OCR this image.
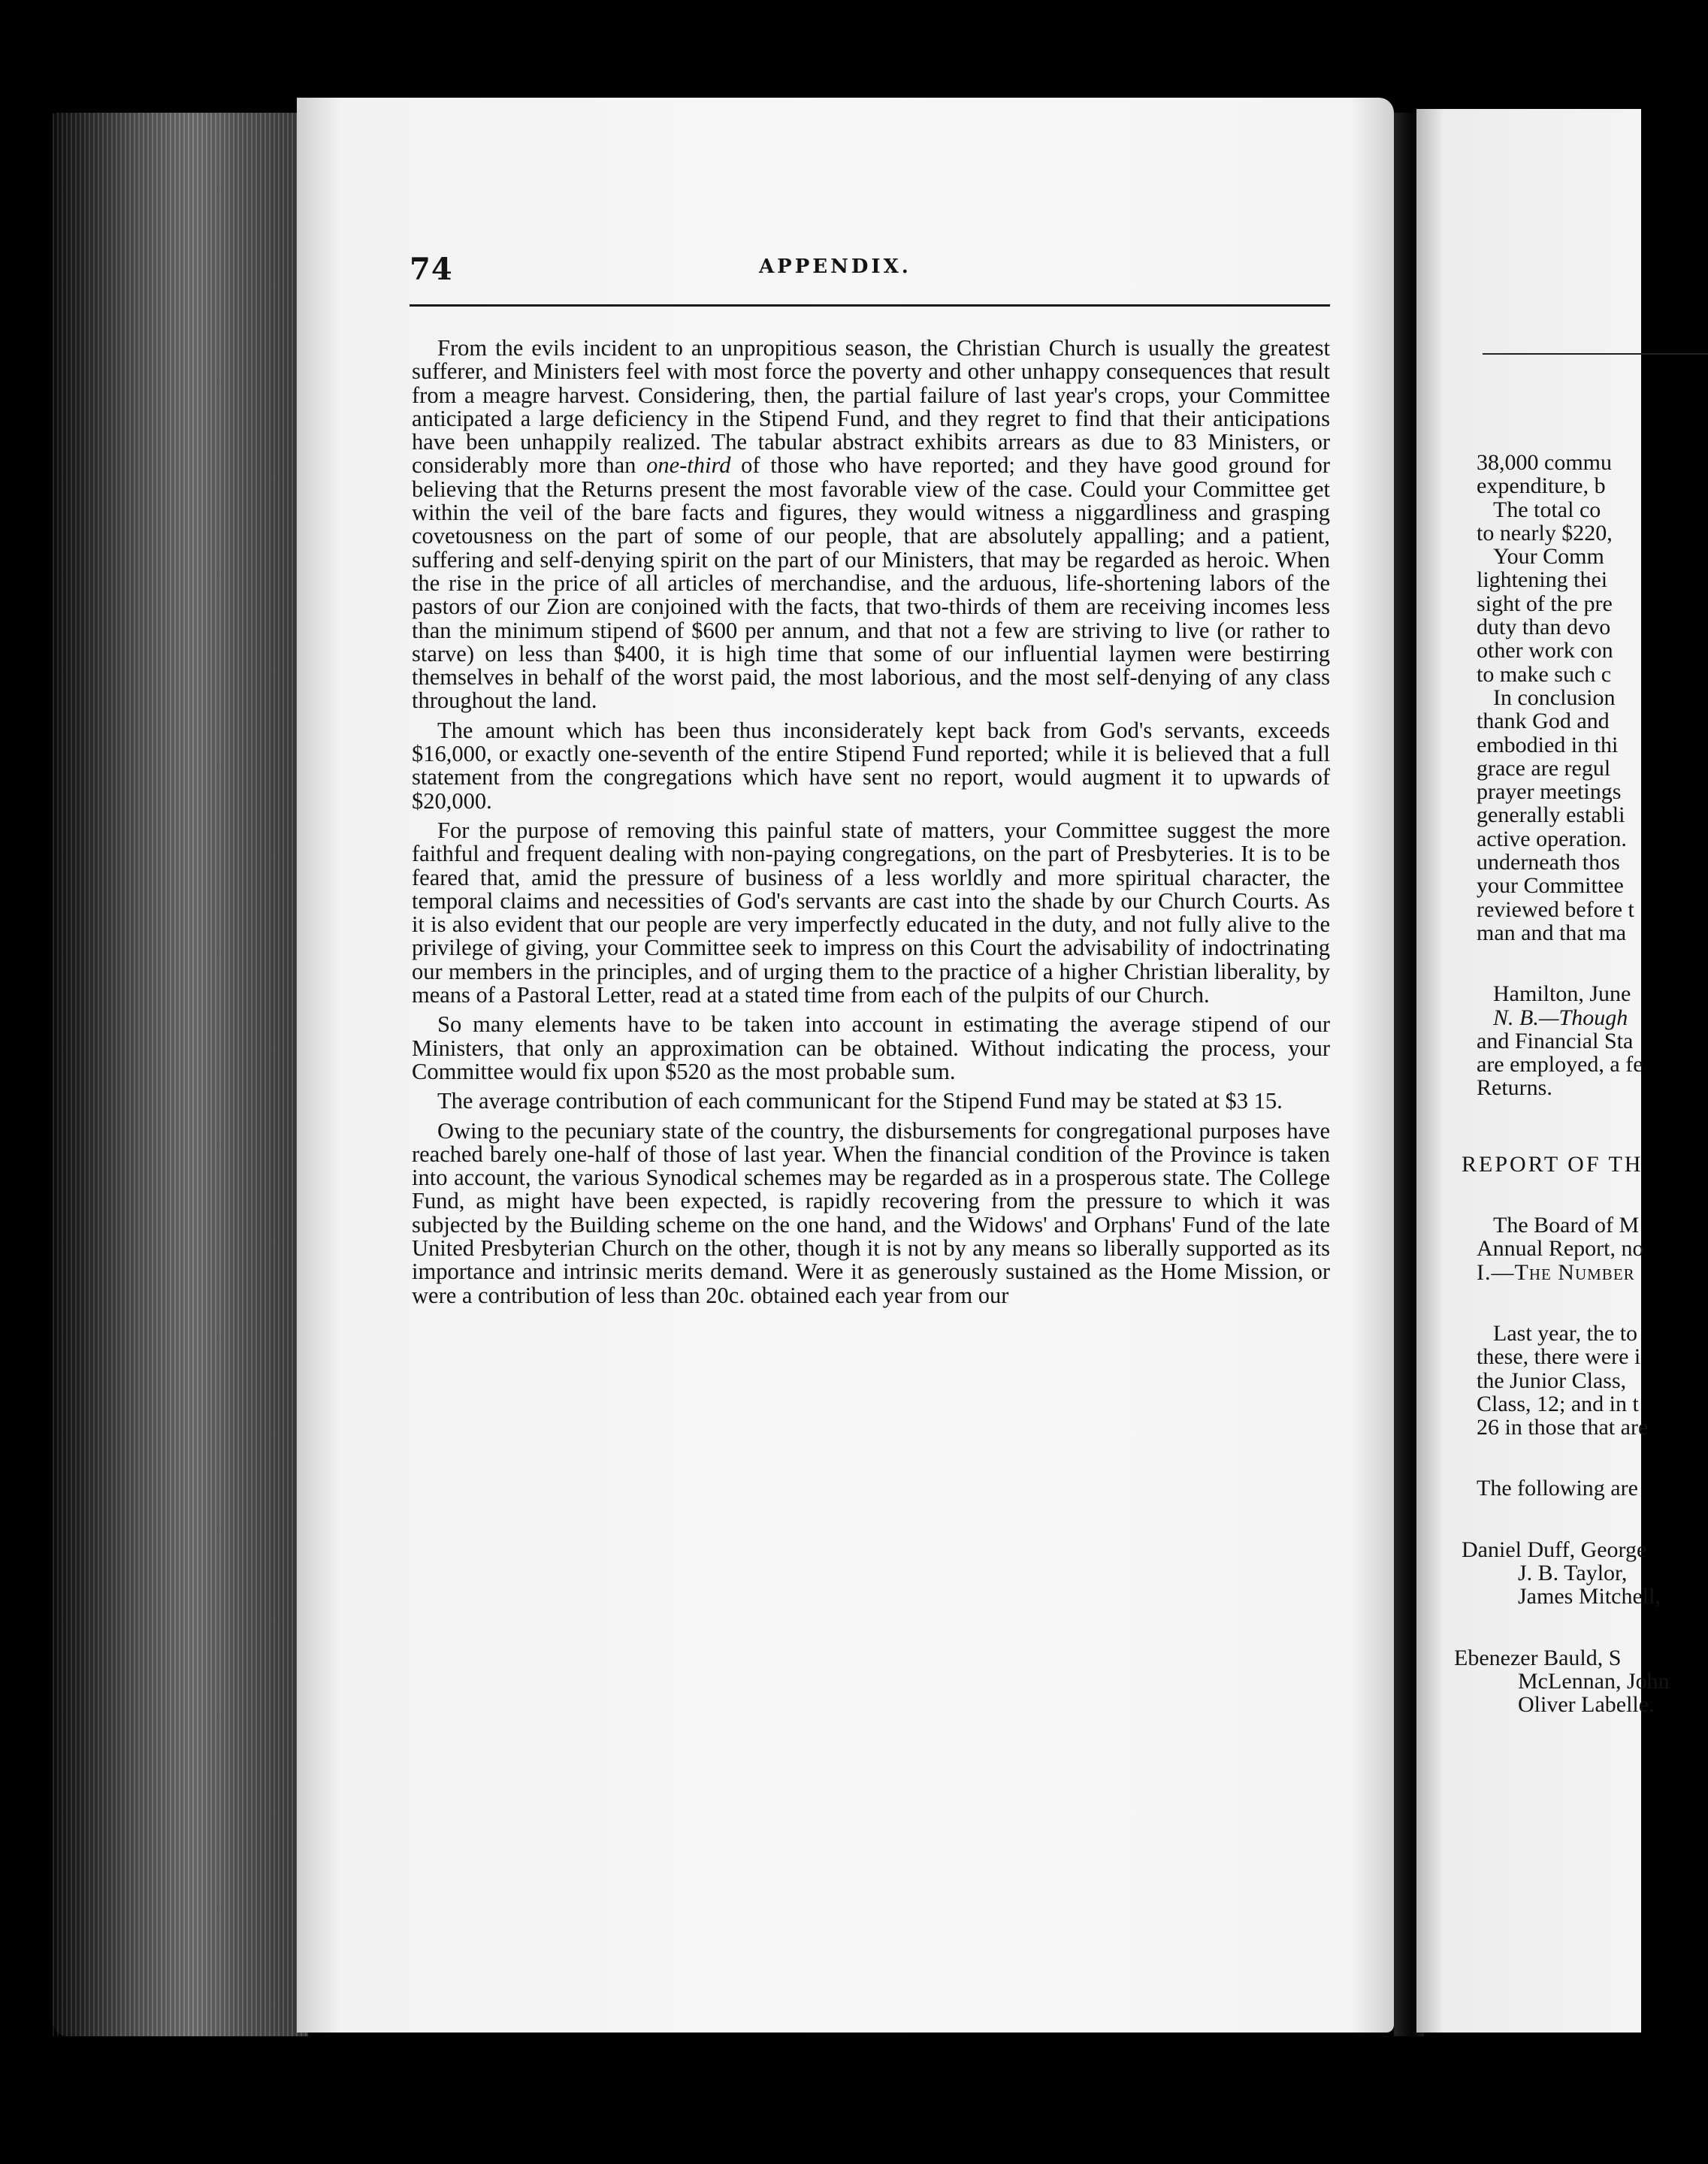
38,000 commu
expenditure, b
The total co
to nearly $220,
Your Comm
lightening thei
sight of the pre
duty than devo
other work con
to make such c
In conclusion
thank God and
embodied in thi
grace are regul
prayer meetings
generally establi
active operation.
underneath thos
your Committee
reviewed before t
man and that ma
Hamilton, June
N. B.—Though
and Financial Sta
are employed, a fe
Returns.
REPORT OF TH
The Board of M
Annual Report, no
I.—The Number
Last year, the to
these, there were i
the Junior Class,
Class, 12; and in t
26 in those that are
The following are
Daniel Duff, George
J. B. Taylor,
James Mitchell,
Ebenezer Bauld, S
McLennan, John
Oliver Labelle.
74	APPENDIX.

From the evils incident to an unpropitious season, the Christian Church is usually the greatest sufferer, and Ministers feel with most force the poverty and other unhappy consequences that result from a meagre harvest. Considering, then, the partial failure of last year's crops, your Committee anticipated a large deficiency in the Stipend Fund, and they regret to find that their anticipations have been unhappily realized. The tabular abstract exhibits arrears as due to 83 Ministers, or considerably more than one-third of those who have reported; and they have good ground for believing that the Returns present the most favorable view of the case. Could your Committee get within the veil of the bare facts and figures, they would witness a niggardliness and grasping covetousness on the part of some of our people, that are absolutely appalling; and a patient, suffering and self-denying spirit on the part of our Ministers, that may be regarded as heroic. When the rise in the price of all articles of merchandise, and the arduous, life-shortening labors of the pastors of our Zion are conjoined with the facts, that two-thirds of them are receiving incomes less than the minimum stipend of $600 per annum, and that not a few are striving to live (or rather to starve) on less than $400, it is high time that some of our influential laymen were bestirring themselves in behalf of the worst paid, the most laborious, and the most self-denying of any class throughout the land.

The amount which has been thus inconsiderately kept back from God's servants, exceeds $16,000, or exactly one-seventh of the entire Stipend Fund reported; while it is believed that a full statement from the congregations which have sent no report, would augment it to upwards of $20,000.

For the purpose of removing this painful state of matters, your Committee suggest the more faithful and frequent dealing with non-paying congregations, on the part of Presbyteries. It is to be feared that, amid the pressure of business of a less worldly and more spiritual character, the temporal claims and necessities of God's servants are cast into the shade by our Church Courts. As it is also evident that our people are very imperfectly educated in the duty, and not fully alive to the privilege of giving, your Committee seek to impress on this Court the advisability of indoctrinating our members in the principles, and of urging them to the practice of a higher Christian liberality, by means of a Pastoral Letter, read at a stated time from each of the pulpits of our Church.

So many elements have to be taken into account in estimating the average stipend of our Ministers, that only an approximation can be obtained. Without indicating the process, your Committee would fix upon $520 as the most probable sum.

The average contribution of each communicant for the Stipend Fund may be stated at $3 15.

Owing to the pecuniary state of the country, the disbursements for congregational purposes have reached barely one-half of those of last year. When the financial condition of the Province is taken into account, the various Synodical schemes may be regarded as in a prosperous state. The College Fund, as might have been expected, is rapidly recovering from the pressure to which it was subjected by the Building scheme on the one hand, and the Widows' and Orphans' Fund of the late United Presbyterian Church on the other, though it is not by any means so liberally supported as its importance and intrinsic merits demand. Were it as generously sustained as the Home Mission, or were a contribution of less than 20c. obtained each year from our
